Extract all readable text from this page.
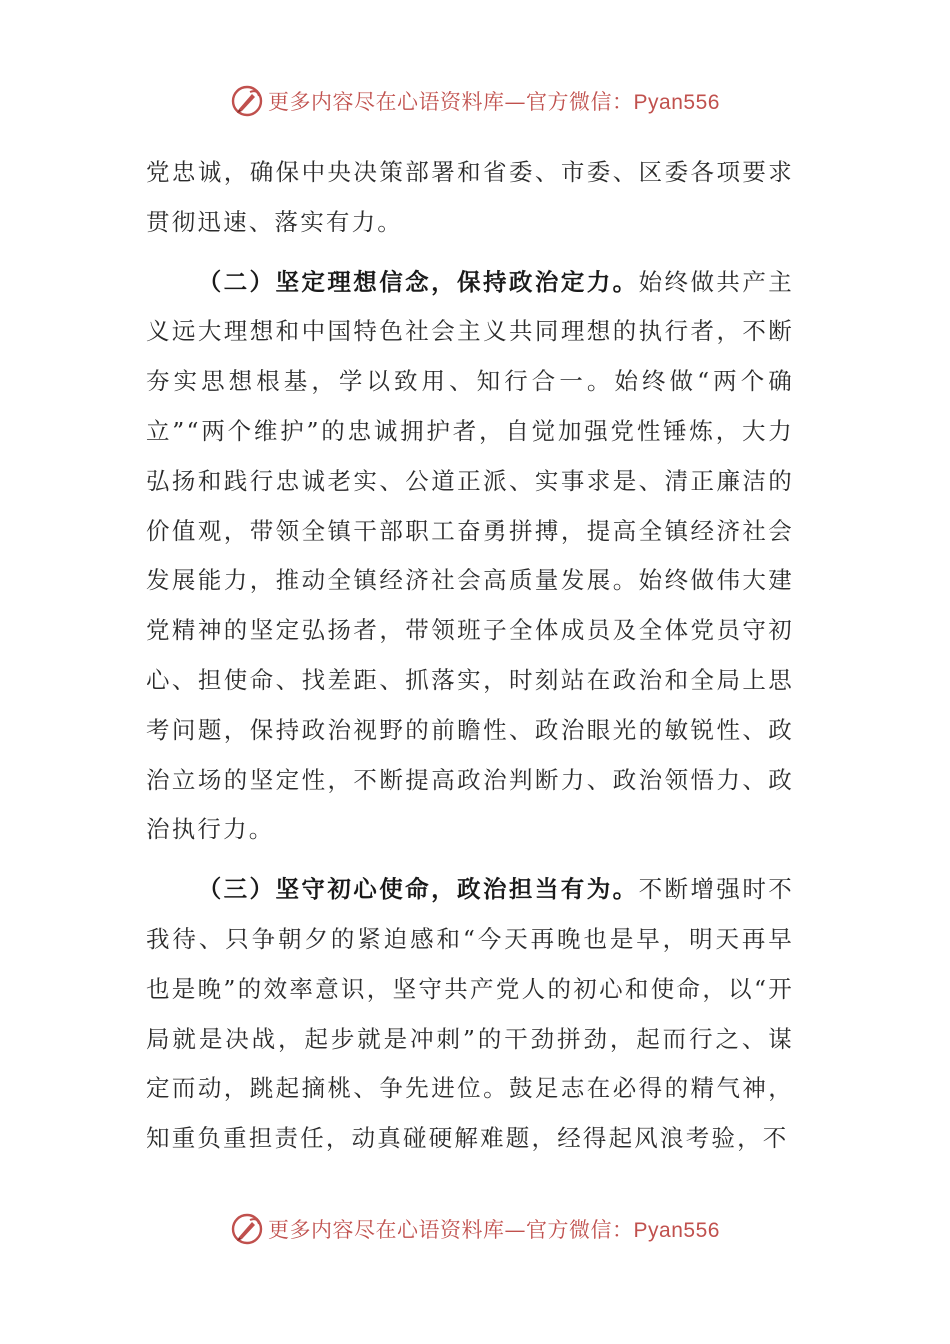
更多内容尽在心语资料库—官方微信：Pyan556

党忠诚，确保中央决策部署和省委、市委、区委各项要求贯彻迅速、落实有力。

（二）坚定理想信念，保持政治定力。始终做共产主义远大理想和中国特色社会主义共同理想的执行者，不断夯实思想根基，学以致用、知行合一。始终做“两个确立”“两个维护”的忠诚拥护者，自觉加强党性锤炼，大力弘扬和践行忠诚老实、公道正派、实事求是、清正廉洁的价值观，带领全镇干部职工奋勇拼搏，提高全镇经济社会发展能力，推动全镇经济社会高质量发展。始终做伟大建党精神的坚定弘扬者，带领班子全体成员及全体党员守初心、担使命、找差距、抓落实，时刻站在政治和全局上思考问题，保持政治视野的前瞻性、政治眼光的敏锐性、政治立场的坚定性，不断提高政治判断力、政治领悟力、政治执行力。

（三）坚守初心使命，政治担当有为。不断增强时不我待、只争朝夕的紧迫感和“今天再晚也是早，明天再早也是晚”的效率意识，坚守共产党人的初心和使命，以“开局就是决战，起步就是冲刺”的干劲拼劲，起而行之、谋定而动，跳起摘桃、争先进位。鼓足志在必得的精气神，知重负重担责任，动真碰硬解难题，经得起风浪考验，不

更多内容尽在心语资料库—官方微信：Pyan556
